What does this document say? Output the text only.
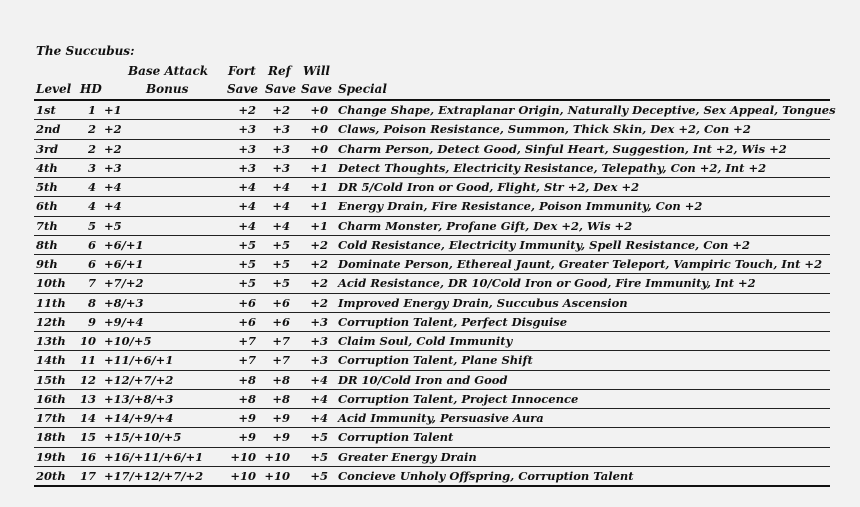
The Succubus:
Base Attack Fort Ref Will
Level HD	Bonus	Save Save Save Special
1st	1 +1	+2	+2	+0 Change Shape, Extraplanar Origin, Naturally Deceptive, Sex Appeal, Tongues
2nd	2 +2	+3	+3	+0 Claws, Poison Resistance, Summon, Thick Skin, Dex +2, Con +2
3rd	2 +2	+3	+3	+0 Charm Person, Detect Good, Sinful Heart, Suggestion, Int +2, Wis +2
4th	3 +3	+3	+3	+1 Detect Thoughts, Electricity Resistance, Telepathy, Con +2, Int +2
5th	4 +4	+4	+4	+1 DR 5/Cold Iron or Good, Flight, Str +2, Dex +2
6th	4 +4	+4	+4	+1 Energy Drain, Fire Resistance, Poison Immunity, Con +2
7th	5 +5	+4	+4	+1 Charm Monster, Profane Gift, Dex +2, Wis +2
8th	6 +6/+1	+5	+5	+2 Cold Resistance, Electricity Immunity, Spell Resistance, Con +2
9th	6 +6/+1	+5	+5	+2 Dominate Person, Ethereal Jaunt, Greater Teleport, Vampiric Touch, Int +2
10th	7 +7/+2	+5	+5	+2 Acid Resistance, DR 10/Cold Iron or Good, Fire Immunity, Int +2
11th	8 +8/+3	+6	+6	+2 Improved Energy Drain, Succubus Ascension
12th	9 +9/+4	+6	+6	+3 Corruption Talent, Perfect Disguise
13th 10 +10/+5	+7	+7	+3 Claim Soul, Cold Immunity
14th 11 +11/+6/+1	+7	+7	+3 Corruption Talent, Plane Shift
15th 12 +12/+7/+2	+8	+8	+4 DR 10/Cold Iron and Good
16th 13 +13/+8/+3	+8	+8	+4 Corruption Talent, Project Innocence
17th 14 +14/+9/+4	+9	+9	+4 Acid Immunity, Persuasive Aura
18th 15 +15/+10/+5	+9	+9	+5 Corruption Talent
19th 16 +16/+11/+6/+1	+10 +10	+5 Greater Energy Drain
20th 17 +17/+12/+7/+2	+10 +10	+5 Concieve Unholy Offspring, Corruption Talent
